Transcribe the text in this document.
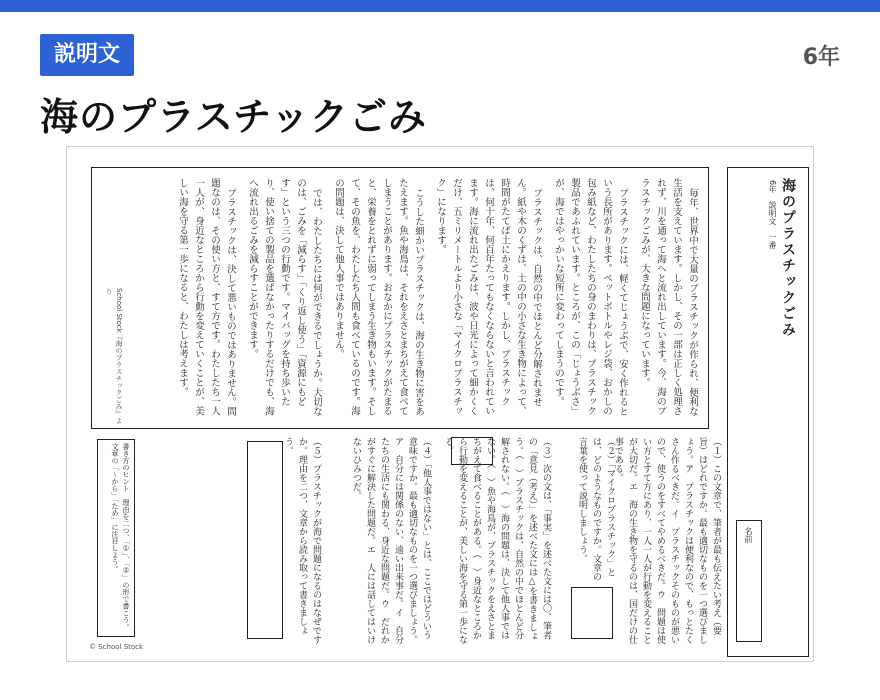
説明文	6年
海のプラスチックごみ

毎年、世界中で大量のプラスチックが作られ、便利な生活を支えています。しかし、その一部は正しく処理されず、川を通って海へと流れ出しています。今、海のプラスチックごみが、大きな問題になっています。

プラスチックには、軽くてじょうぶで、安く作れるという長所があります。ペットボトルやレジ袋、おかしの包み紙など、わたしたちの身のまわりは、プラスチック製品であふれています。ところが、この「じょうぶさ」が、海ではやっかいな短所に変わってしまうのです。

プラスチックは、自然の中でほとんど分解されません。紙や木のくずは、土の中の小さな生き物によって、時間がたてば土にかえります。しかし、プラスチックは、何十年、何百年たってもなくならないと言われています。海に流れ出たごみは、波や日光によって細かくくだけ、五ミリメートルより小さな「マイクロプラスチック」になります。

こうした細かいプラスチックは、海の生き物に害をあたえます。魚や海鳥は、それをえさとまちがえて食べてしまうことがあります。おなかにプラスチックがたまると、栄養をとれずに弱ってしまう生き物もいます。そして、その魚を、わたしたち人間も食べているのです。海の問題は、決して他人事ではありません。

では、わたしたちには何ができるでしょうか。大切なのは、ごみを「減らす」「くり返し使う」「資源にもどす」という三つの行動です。マイバッグを持ち歩いたり、使い捨ての製品を選ばなかったりするだけでも、海へ流れ出るごみを減らすことができます。

プラスチックは、決して悪いものではありません。問題なのは、その使い方と、すて方です。わたしたち一人一人が、身近なところから行動を変えていくことが、美しい海を守る第一歩になると、わたしは考えます。

School Stock『海のプラスチックごみ』より	海のプラスチックごみ
6年　説明文　一番
名前
（１）この文章で、筆者が最も伝えたい考え（要旨）はどれですか。最も適切なものを一つ選びましょう。ア　プラスチックは便利なので、もっとたくさん作るべきだ。イ　プラスチックそのものが悪いので、使うのをすべてやめるべきだ。ウ　問題は使い方とすて方にあり、一人一人が行動を変えることが大切だ。エ　海の生き物を守るのは、国だけの仕事である。
（２）「マイクロプラスチック」とは、どのようなものですか。文章の言葉を使って説明しましょう。
（３）次の文は、「事実」を述べた文には〇、筆者の「意見（考え）」を述べた文には△を書きましょう。（　）プラスチックは、自然の中でほとんど分解されない。（　）海の問題は、決して他人事ではない。（　）魚や海鳥が、プラスチックをえさとまちがえて食べることがある。（　）身近なところから行動を変えることが、美しい海を守る第一歩になる。
（４）「他人事ではない」とは、ここではどういう意味ですか。最も適切なものを一つ選びましょう。ア　自分には関係のない、遠い出来事だ。イ　自分たちの生活にも関わる、身近な問題だ。ウ　だれかがすぐに解決した問題だ。エ　人には話してはいけないひみつだ。
（５）プラスチックが海で問題になるのはなぜですか。理由を二つ、文章から読み取って書きましょう。
書き方のヒント　理由を二つ、「①」、「②」の形で書こう。文章の「～から」「ため」に注目しよう。
© School Stock
